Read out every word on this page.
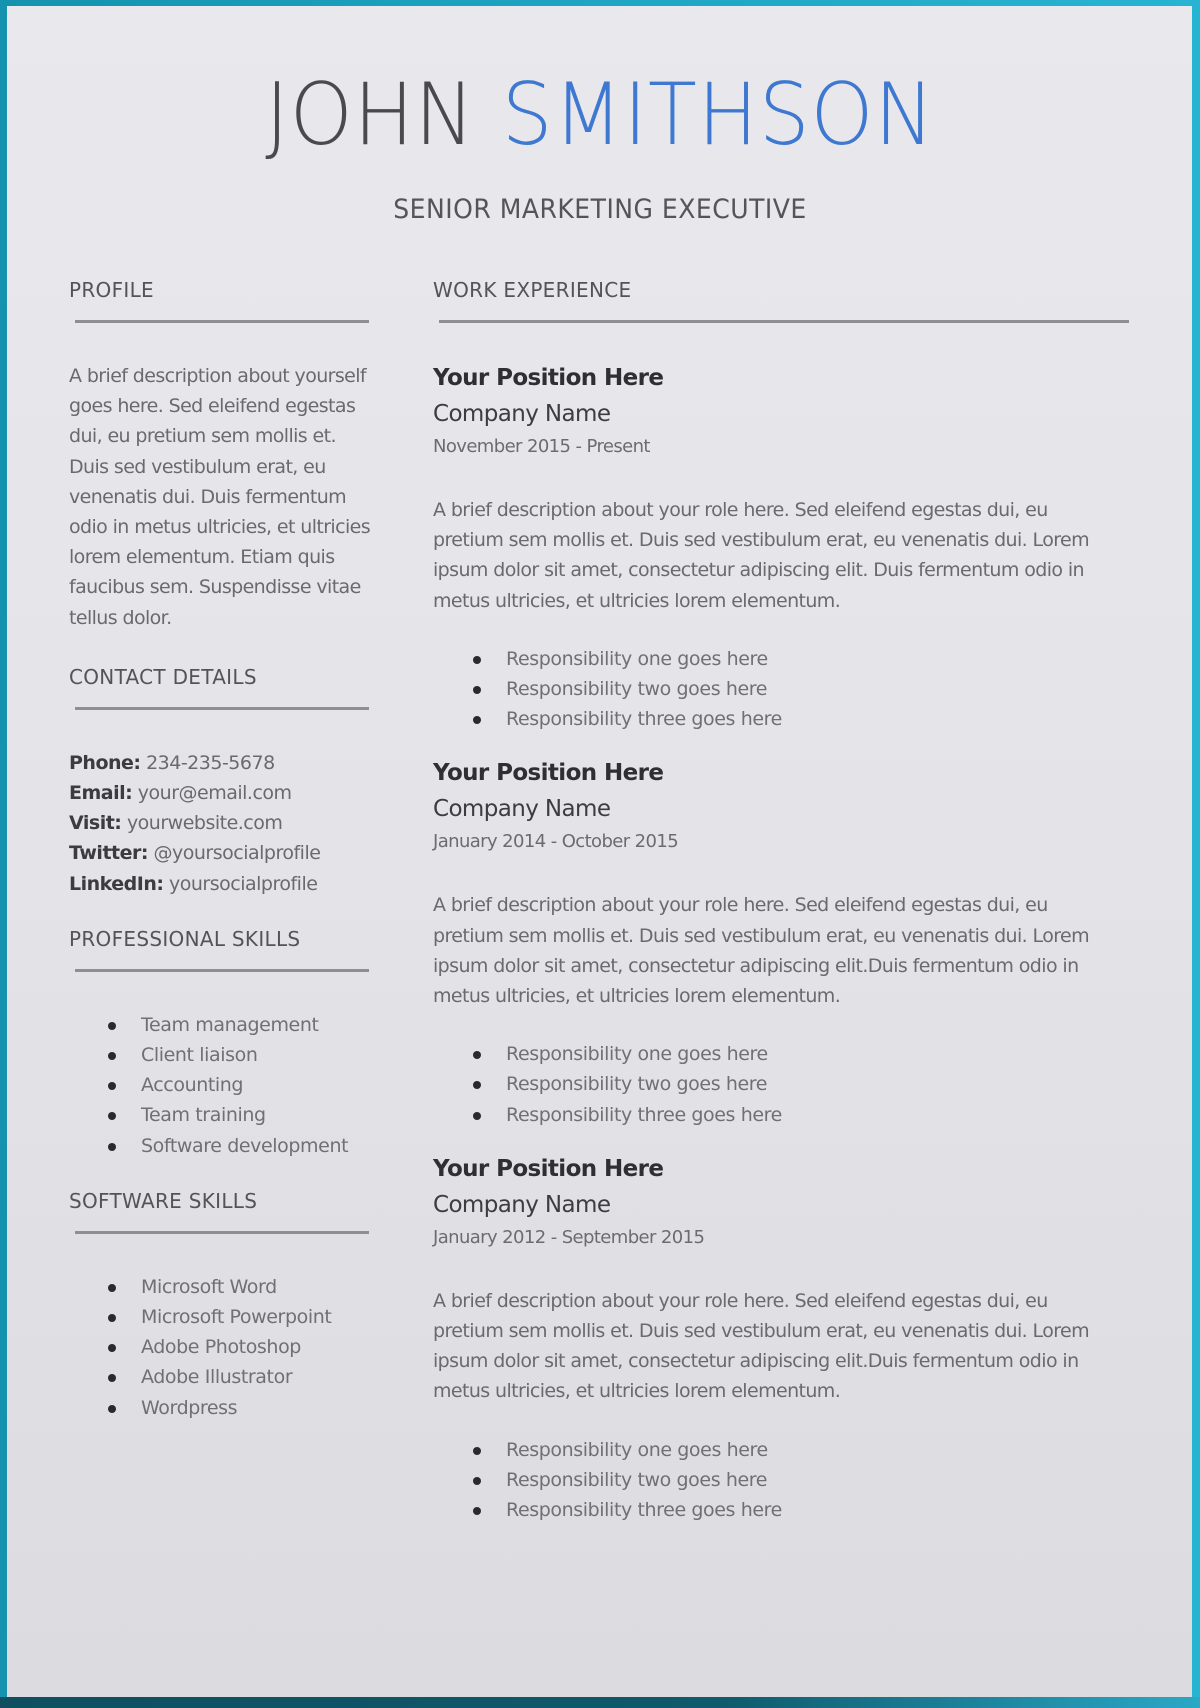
JOHN SMITHSON
SENIOR MARKETING EXECUTIVE
PROFILE

A brief description about yourself goes here. Sed eleifend egestas dui, eu pretium sem mollis et. Duis sed vestibulum erat, eu venenatis dui. Duis fermentum odio in metus ultricies, et ultricies lorem elementum. Etiam quis faucibus sem. Suspendisse vitae tellus dolor.

CONTACT DETAILS
Phone: 234-235-5678
Email: your@email.com
Visit: yourwebsite.com
Twitter: @yoursocialprofile
LinkedIn: yoursocialprofile
PROFESSIONAL SKILLS
Team management
Client liaison
Accounting
Team training
Software development
SOFTWARE SKILLS
Microsoft Word
Microsoft Powerpoint
Adobe Photoshop
Adobe Illustrator
Wordpress
WORK EXPERIENCE
Your Position Here
Company Name
November 2015 - Present

A brief description about your role here. Sed eleifend egestas dui, eu pretium sem mollis et. Duis sed vestibulum erat, eu venenatis dui. Lorem ipsum dolor sit amet, consectetur adipiscing elit. Duis fermentum odio in metus ultricies, et ultricies lorem elementum.

Responsibility one goes here
Responsibility two goes here
Responsibility three goes here
Your Position Here
Company Name
January 2014 - October 2015

A brief description about your role here. Sed eleifend egestas dui, eu pretium sem mollis et. Duis sed vestibulum erat, eu venenatis dui. Lorem ipsum dolor sit amet, consectetur adipiscing elit.Duis fermentum odio in metus ultricies, et ultricies lorem elementum.

Responsibility one goes here
Responsibility two goes here
Responsibility three goes here
Your Position Here
Company Name
January 2012 - September 2015

A brief description about your role here. Sed eleifend egestas dui, eu pretium sem mollis et. Duis sed vestibulum erat, eu venenatis dui. Lorem ipsum dolor sit amet, consectetur adipiscing elit.Duis fermentum odio in metus ultricies, et ultricies lorem elementum.

Responsibility one goes here
Responsibility two goes here
Responsibility three goes here
